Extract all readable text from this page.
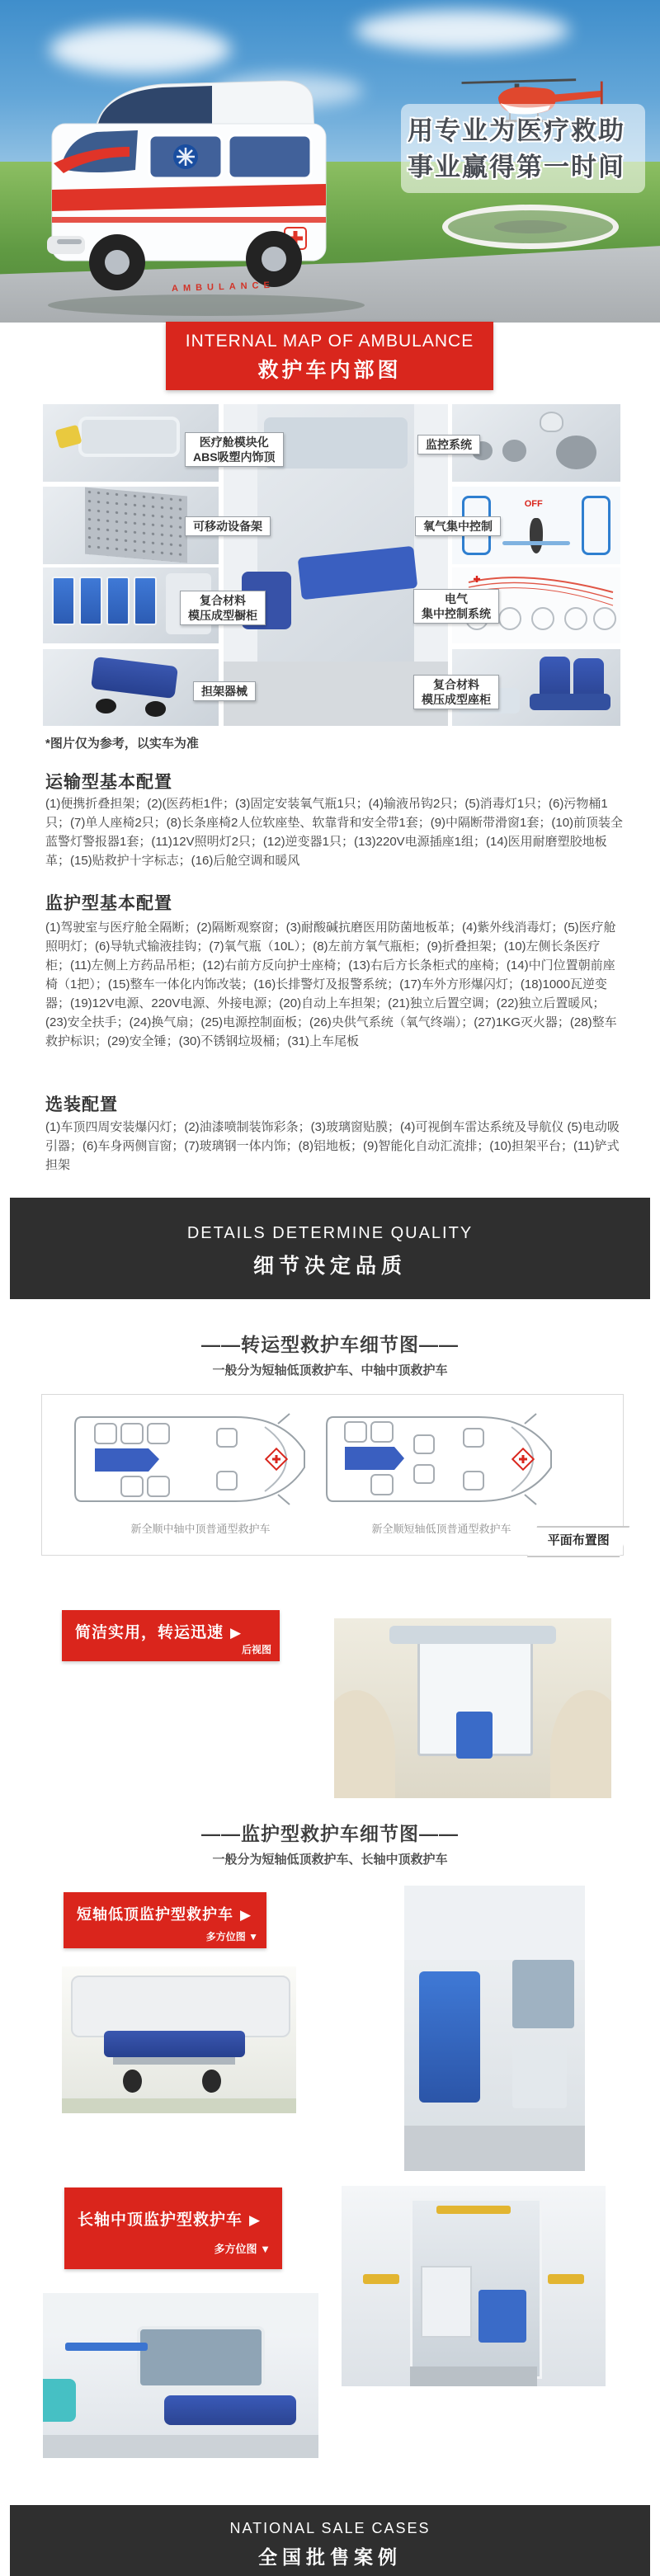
AMBULANCE
用专业为医疗救助
事业赢得第一时间
INTERNAL MAP OF AMBULANCE
救护车内部图
OFF
医疗舱模块化
ABS吸塑内饰顶
可移动设备架
复合材料
模压成型橱柜
担架器械
监控系统
氧气集中控制
电气
集中控制系统
复合材料
模压成型座柜
*图片仅为参考，以实车为准
运输型基本配置

(1)便携折叠担架；(2)(医药柜1件；(3)固定安装氧气瓶1只；(4)输液吊钩2只；(5)消毒灯1只；(6)污物桶1只；(7)单人座椅2只；(8)长条座椅2人位软座垫、软靠背和安全带1套；(9)中隔断带滑窗1套；(10)前顶装全蓝警灯警报器1套；(11)12V照明灯2只；(12)逆变器1只；(13)220V电源插座1组；(14)医用耐磨塑胶地板革；(15)贴救护十字标志；(16)后舱空调和暖风

监护型基本配置

(1)驾驶室与医疗舱全隔断；(2)隔断观察窗；(3)耐酸碱抗磨医用防菌地板革；(4)紫外线消毒灯；(5)医疗舱照明灯；(6)导轨式输液挂钩；(7)氧气瓶（10L）；(8)左前方氧气瓶柜；(9)折叠担架；(10)左侧长条医疗柜；(11)左侧上方药品吊柜；(12)右前方反向护士座椅；(13)右后方长条柜式的座椅；(14)中门位置朝前座椅（1把）；(15)整车一体化内饰改装；(16)长排警灯及报警系统；(17)车外方形爆闪灯；(18)1000瓦逆变器；(19)12V电源、220V电源、外接电源；(20)自动上车担架；(21)独立后置空调；(22)独立后置暖风；(23)安全扶手；(24)换气扇；(25)电源控制面板；(26)央供气系统（氧气终端）；(27)1KG灭火器；(28)整车救护标识；(29)安全锤；(30)不锈钢垃圾桶；(31)上车尾板

选装配置

(1)车顶四周安装爆闪灯；(2)油漆喷制装饰彩条；(3)玻璃窗贴膜；(4)可视倒车雷达系统及导航仪 (5)电动吸引器；(6)车身两侧盲窗；(7)玻璃钢一体内饰；(8)铝地板；(9)智能化自动汇流排；(10)担架平台；(11)铲式担架

DETAILS DETERMINE QUALITY
细节决定品质
——转运型救护车细节图——
一般分为短轴低顶救护车、中轴中顶救护车
新全顺中轴中顶普通型救护车	新全顺短轴低顶普通型救护车
平面布置图
简洁实用，转运迅速 ▶
后视图
——监护型救护车细节图——
一般分为短轴低顶救护车、长轴中顶救护车
短轴低顶监护型救护车 ▶
多方位图 ▼
长轴中顶监护型救护车 ▶
多方位图 ▼
NATIONAL SALE CASES
全国批售案例
